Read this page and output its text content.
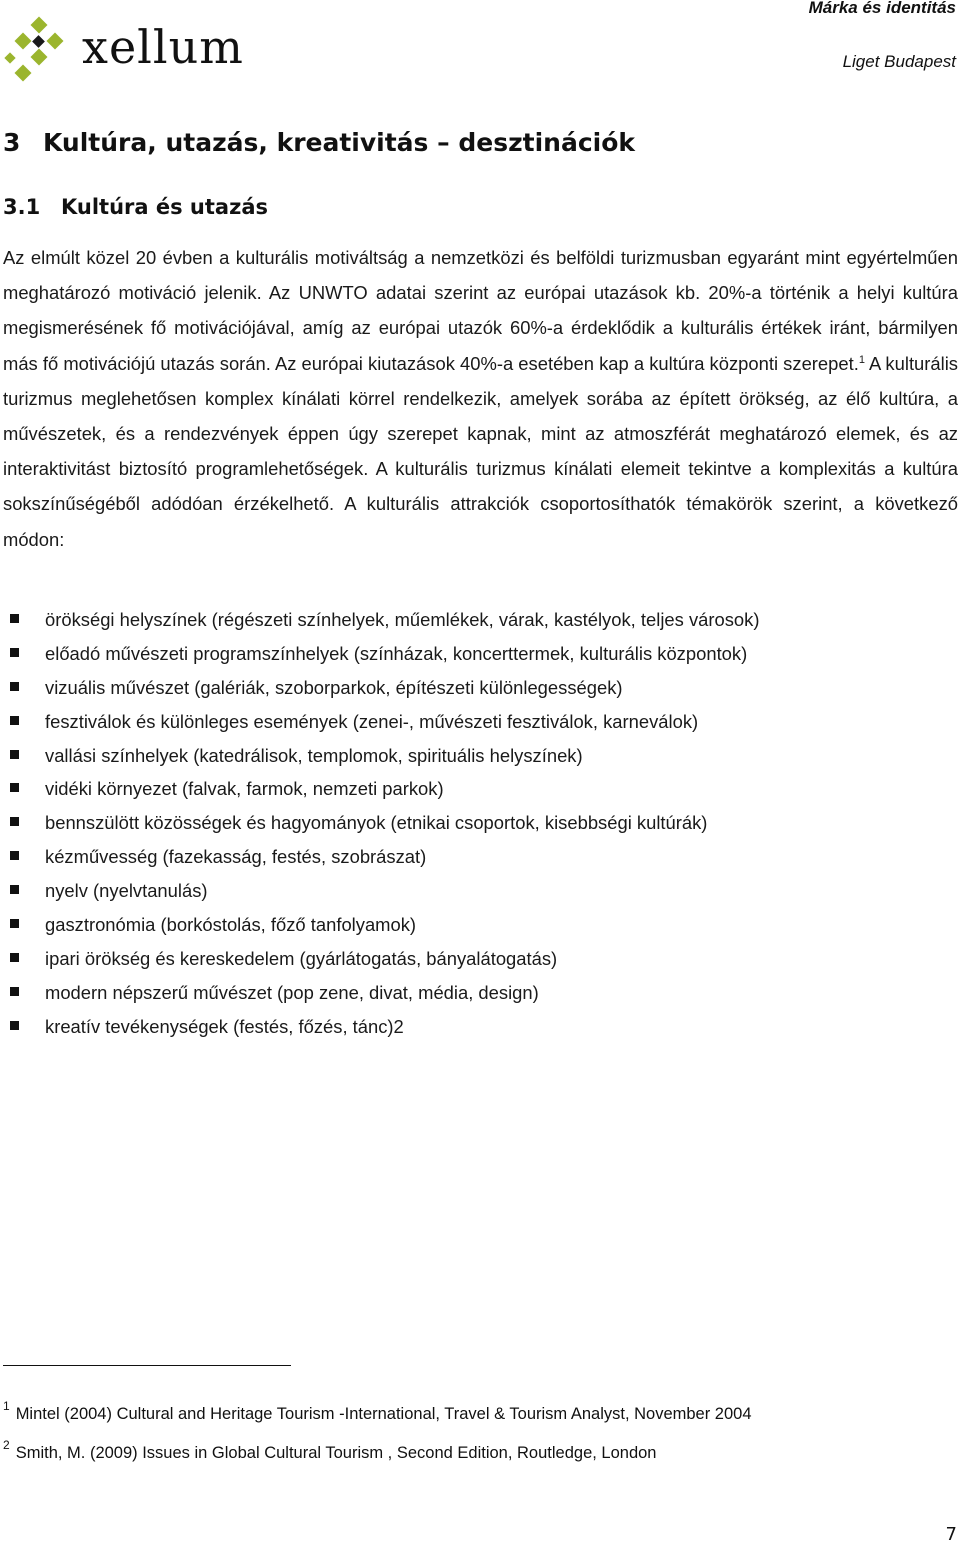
xellum
Márka és identitás
Liget Budapest
3 Kultúra, utazás, kreativitás – desztinációk
3.1 Kultúra és utazás

Az elmúlt közel 20 évben a kulturális motiváltság a nemzetközi és belföldi turizmusban egyaránt mint egyértelműen meghatározó motiváció jelenik. Az UNWTO adatai szerint az európai utazások kb. 20%-a történik a helyi kultúra megismerésének fő motivációjával, amíg az európai utazók 60%-a érdeklődik a kulturális értékek iránt, bármilyen más fő motivációjú utazás során. Az európai kiutazások 40%-a esetében kap a kultúra központi szerepet.$^1$ A kulturális turizmus meglehetősen komplex kínálati körrel rendelkezik, amelyek sorába az épített örökség, az élő kultúra, a művészetek, és a rendezvények éppen úgy szerepet kapnak, mint az atmoszférát meghatározó elemek, és az interaktivitást biztosító programlehetőségek. A kulturális turizmus kínálati elemeit tekintve a komplexitás a kultúra sokszínűségéből adódóan érzékelhető. A kulturális attrakciók csoportosíthatók témakörök szerint, a következő módon:

örökségi helyszínek (régészeti színhelyek, műemlékek, várak, kastélyok, teljes városok)
előadó művészeti programszínhelyek (színházak, koncerttermek, kulturális központok)
vizuális művészet (galériák, szoborparkok, építészeti különlegességek)
fesztiválok és különleges események (zenei-, művészeti fesztiválok, karneválok)
vallási színhelyek (katedrálisok, templomok, spirituális helyszínek)
vidéki környezet (falvak, farmok, nemzeti parkok)
bennszülött közösségek és hagyományok (etnikai csoportok, kisebbségi kultúrák)
kézművesség (fazekasság, festés, szobrászat)
nyelv (nyelvtanulás)
gasztronómia (borkóstolás, főző tanfolyamok)
ipari örökség és kereskedelem (gyárlátogatás, bányalátogatás)
modern népszerű művészet (pop zene, divat, média, design)
kreatív tevékenységek (festés, főzés, tánc)2
$^1$ Mintel (2004) Cultural and Heritage Tourism -International, Travel & Tourism Analyst, November 2004
$^2$ Smith, M. (2009) Issues in Global Cultural Tourism , Second Edition, Routledge, London
7
